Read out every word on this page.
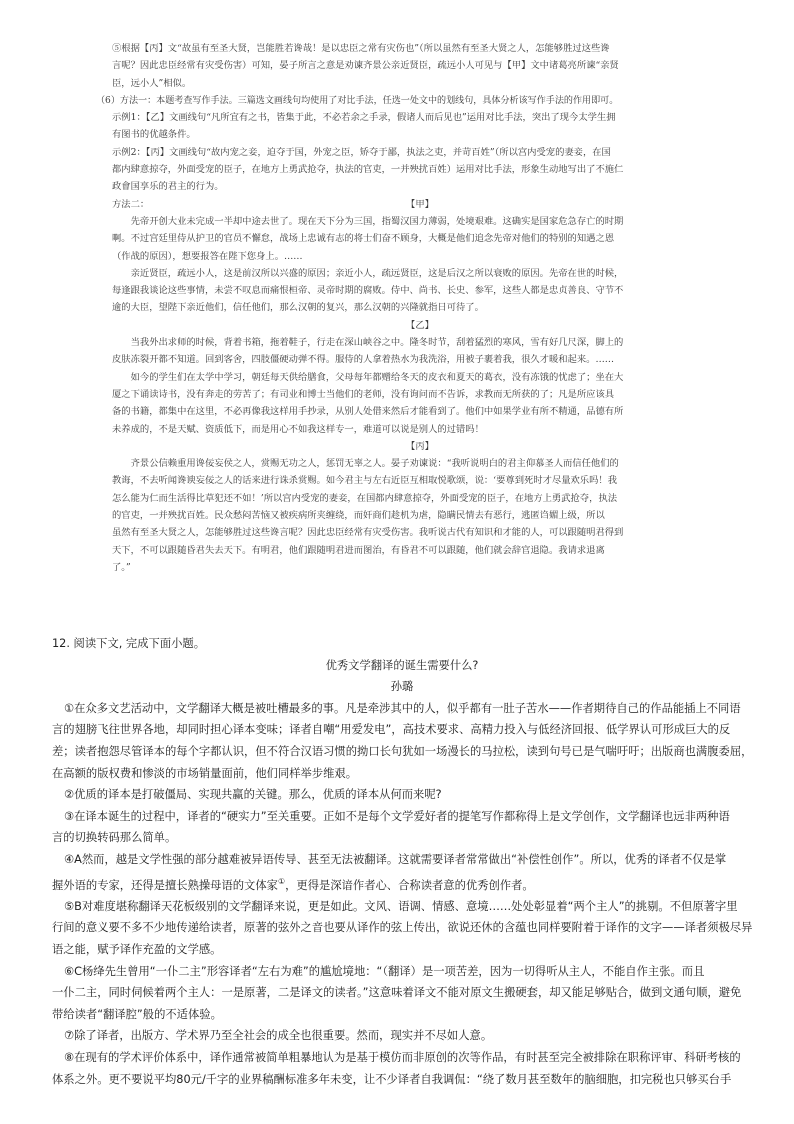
⑤根据【丙】文“故虽有至圣大贤，岂能胜若谗哉！是以忠臣之常有灾伤也”（所以虽然有至圣大贤之人，怎能够胜过这些谗

言呢？因此忠臣经常有灾受伤害）可知，晏子所言之意是劝谏齐景公亲近贤臣，疏远小人可见与【甲】文中诸葛亮所谏“亲贤

臣，远小人”相似。

（6）方法一：本题考查写作手法。三篇选文画线句均使用了对比手法，任选一处文中的划线句，具体分析该写作手法的作用即可。

示例1：【乙】文画线句“凡所宜有之书，皆集于此，不必若余之手录，假诸人而后见也”运用对比手法，突出了现今太学生拥

有图书的优越条件。

示例2：【丙】文画线句“故内宠之妾，迫夺于国，外宠之臣，矫夺于鄙，执法之吏，并苛百姓”（所以宫内受宠的妻妾，在国

都内肆意掠夺，外面受宠的臣子，在地方上勇武抢夺，执法的官吏，一并殃扰百姓）运用对比手法，形象生动地写出了不施仁

政會国享乐的君主的行为。

方法二：	【甲】

先帝开创大业未完成一半却中途去世了。现在天下分为三国，指蜀汉国力薄弱，处境艰难。这确实是国家危急存亡的时期

啊。不过宫廷里侍从护卫的官员不懈怠，战场上忠诚有志的将士们奋不顾身，大概是他们追念先帝对他们的特别的知遇之恩

（作战的原因），想要报答在陛下您身上。……

亲近贤臣，疏远小人，这是前汉所以兴盛的原因；亲近小人，疏远贤臣，这是后汉之所以衰败的原因。先帝在世的时候，

每逢跟我谈论这些事情，未尝不叹息而痛恨桓帝、灵帝时期的腐败。侍中、尚书、长史、参军，这些人都是忠贞善良、守节不

逾的大臣，望陛下亲近他们，信任他们，那么汉朝的复兴，那么汉朝的兴隆就指日可待了。

【乙】

当我外出求师的时候，背着书箱，拖着鞋子，行走在深山峡谷之中。隆冬时节，刮着猛烈的寒风，雪有好几尺深，脚上的

皮肤冻裂开都不知道。回到客舍，四肢僵硬动弹不得。服侍的人拿着热水为我洗浴，用被子裹着我，很久才暖和起来。……

如今的学生们在太学中学习，朝廷每天供给膳食，父母每年都赠给冬天的皮衣和夏天的葛衣，没有冻饿的忧虑了；坐在大

厦之下诵读诗书，没有奔走的劳苦了；有司业和博士当他们的老师，没有询问而不告诉，求教而无所获的了；凡是所应该具

备的书籍，都集中在这里，不必再像我这样用手抄录，从别人处借来然后才能看到了。他们中如果学业有所不精通，品德有所

未养成的，不是天赋、资质低下，而是用心不如我这样专一，难道可以说是别人的过错吗！

【丙】

齐景公信赖重用谗佞妄侯之人，赏赐无功之人，惩罚无辜之人。晏子劝谏说：“我听说明白的君主仰慕圣人而信任他们的

教诲，不去听闻谗谀妄佞之人的话来进行诛杀赏赐。如今君主与左右近臣互相取悦歌颂，说：‘要尊到死时才尽量欢乐吗！我

怎么能为仁而生活得比草犯还不如！’所以宫内受宠的妻妾，在国都内肆意掠夺，外面受宠的臣子，在地方上勇武抢夺，执法

的官吏，一并殃扰百姓。民众愁闷苦恼又被疾病所夹缠绕，而奸商们趁机为虐，隐瞒民情去有恶行，逃匿诌媚上级，所以

虽然有至圣大贤之人，怎能够胜过这些谗言呢？因此忠臣经常有灾受伤害。我听说古代有知识和才能的人，可以跟随明君得到

天下，不可以跟随昏君失去天下。有明君，他们跟随明君进而图治，有昏君不可以跟随，他们就会辞官退隐。我请求退离

了。”

12. 阅读下文, 完成下面小题。

优秀文学翻译的诞生需要什么?

孙璐

①在众多文艺活动中，文学翻译大概是被吐槽最多的事。凡是牵涉其中的人，似乎都有一肚子苦水——作者期待自己的作品能插上不同语

言的翅膀飞往世界各地，却同时担心译本变味；译者自嘲“用爱发电”，高技术要求、高精力投入与低经济回报、低学界认可形成巨大的反

差；读者抱怨尽管译本的每个字都认识，但不符合汉语习惯的拗口长句犹如一场漫长的马拉松，读到句号已是气喘吁吁；出版商也满腹委屈，

在高额的版权费和惨淡的市场销量面前，他们同样举步维艰。

②优质的译本是打破僵局、实现共赢的关键。那么，优质的译本从何而来呢?

③在译本诞生的过程中，译者的“硬实力”至关重要。正如不是每个文学爱好者的提笔写作都称得上是文学创作，文学翻译也远非两种语

言的切换转码那么简单。

④A然而，越是文学性强的部分越难被异语传导、甚至无法被翻译。这就需要译者常常做出“补偿性创作”。所以，优秀的译者不仅是掌

握外语的专家，还得是擅长熟操母语的文体家①，更得是深谙作者心、合称读者意的优秀创作者。

⑤B对难度堪称翻译天花板级别的文学翻译来说，更是如此。文风、语调、情感、意境……处处彰显着“两个主人”的挑剔。不但原著字里

行间的意义要不多不少地传递给读者，原著的弦外之音也要从译作的弦上传出，欲说还休的含蕴也同样要附着于译作的文字——译者须极尽异

语之能，赋予译作充盈的文学感。

⑥C杨绛先生曾用“一仆二主”形容译者“左右为难”的尴尬境地：“（翻译）是一项苦差，因为一切得听从主人，不能自作主张。而且

一仆二主，同时伺候着两个主人：一是原著，二是译文的读者。”这意味着译文不能对原文生搬硬套，却又能足够贴合，做到文通句顺，避免

带给读者“翻译腔”般的不适体验。

⑦除了译者，出版方、学术界乃至全社会的成全也很重要。然而，现实并不尽如人意。

⑧在现有的学术评价体系中，译作通常被简单粗暴地认为是基于模仿而非原创的次等作品，有时甚至完全被排除在职称评审、科研考核的

体系之外。更不要说平均80元/千字的业界稿酬标准多年未变，让不少译者自我调侃：“绕了数月甚至数年的脑细胞，扣完税也只够买台手
